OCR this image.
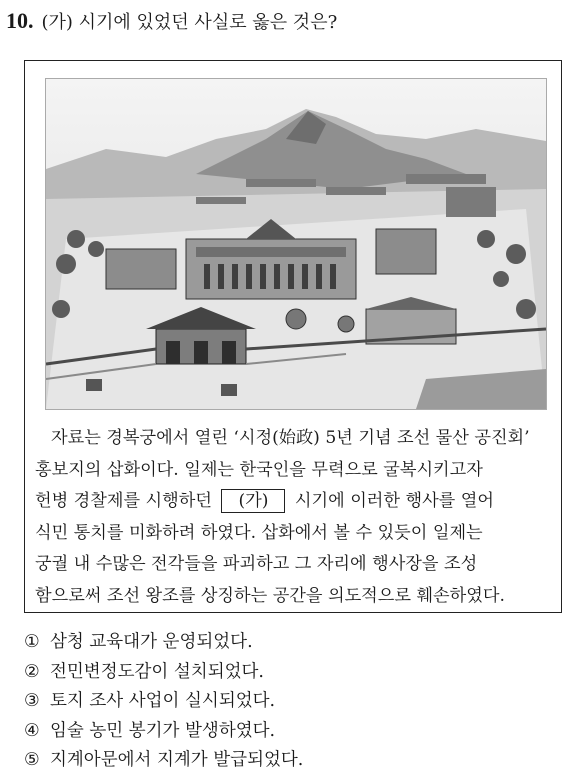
10. (가) 시기에 있었던 사실로 옳은 것은?
자료는 경복궁에서 열린 ‘시정(始政) 5년 기념 조선 물산 공진회’
홍보지의 삽화이다. 일제는 한국인을 무력으로 굴복시키고자
헌병 경찰제를 시행하던 (가) 시기에 이러한 행사를 열어
식민 통치를 미화하려 하였다. 삽화에서 볼 수 있듯이 일제는
궁궐 내 수많은 전각들을 파괴하고 그 자리에 행사장을 조성
함으로써 조선 왕조를 상징하는 공간을 의도적으로 훼손하였다.
① 삼청 교육대가 운영되었다.
② 전민변정도감이 설치되었다.
③ 토지 조사 사업이 실시되었다.
④ 임술 농민 봉기가 발생하였다.
⑤ 지계아문에서 지계가 발급되었다.
